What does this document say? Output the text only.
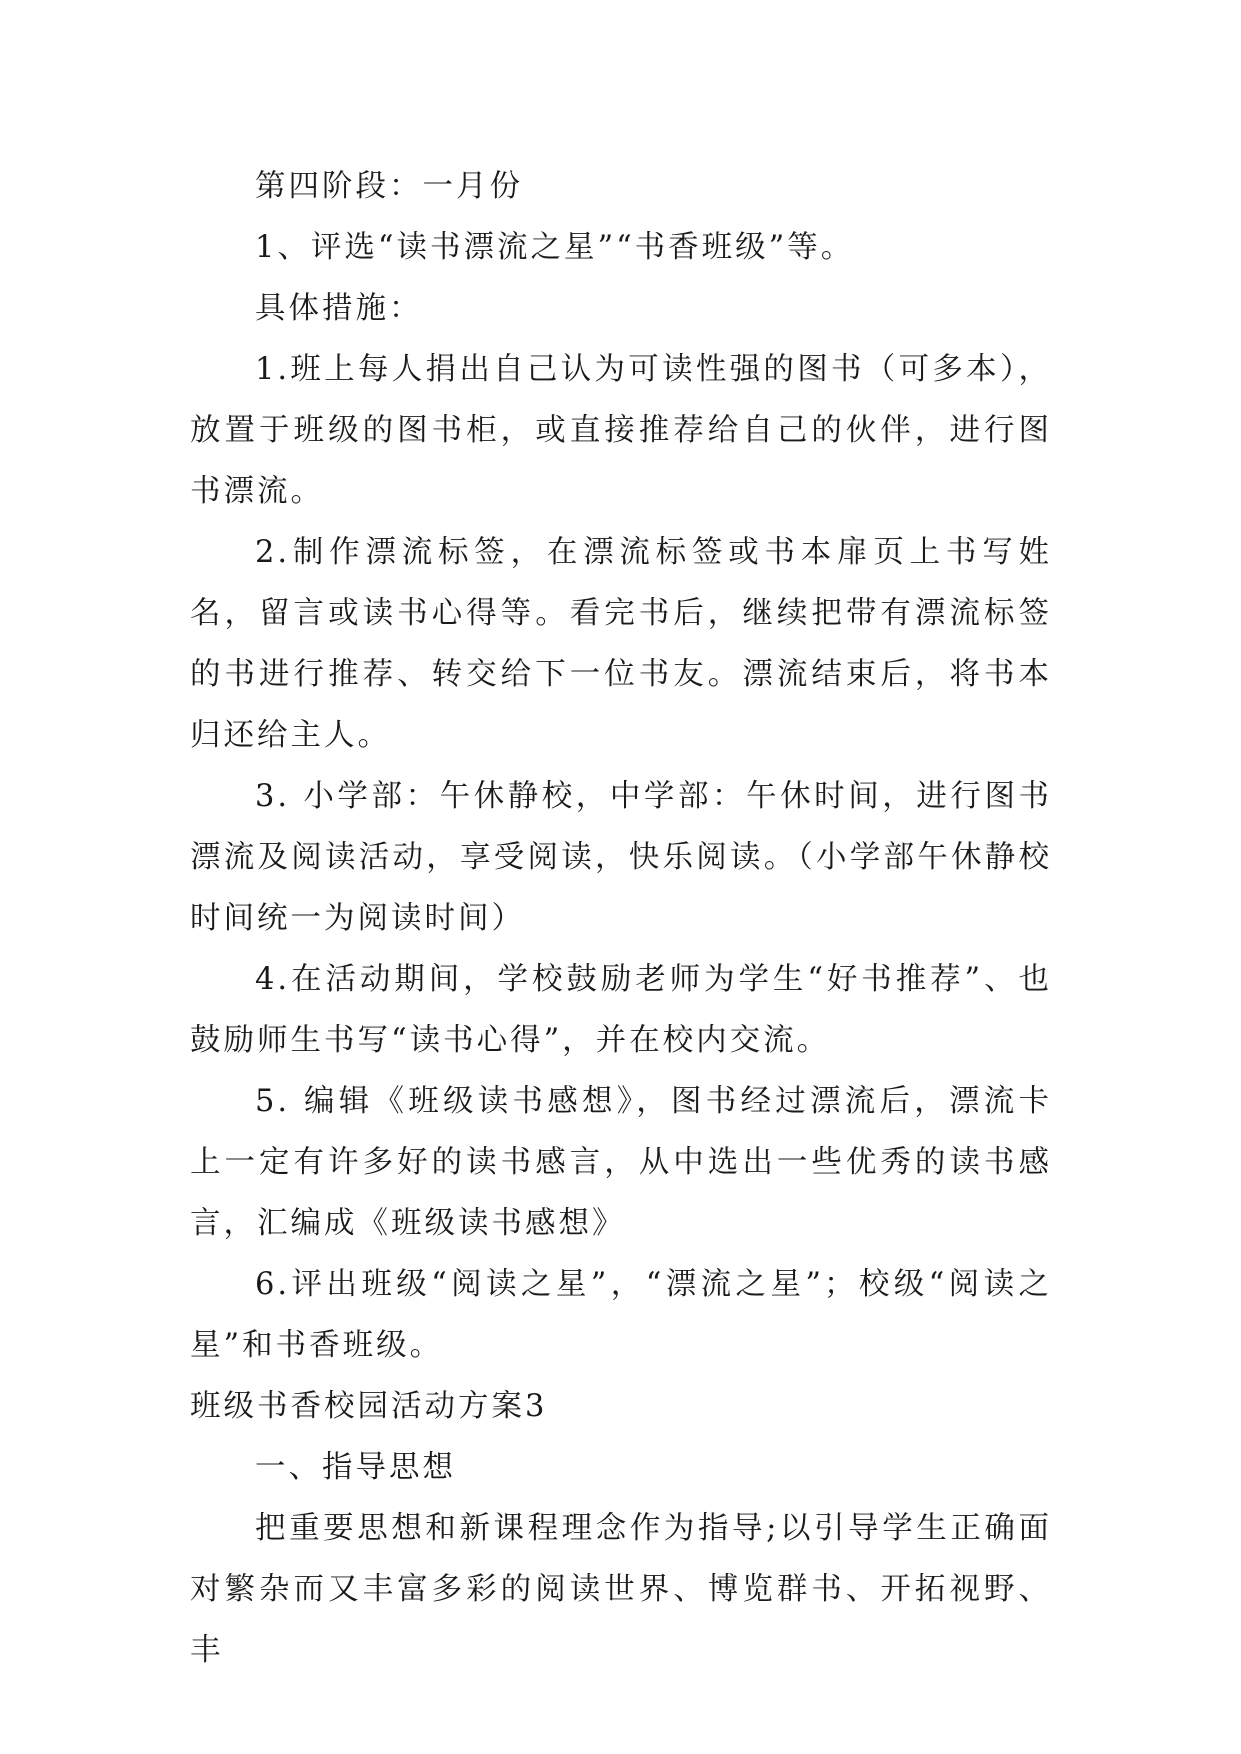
第四阶段：一月份

1、评选“读书漂流之星”“书香班级”等。

具体措施：

1.班上每人捐出自己认为可读性强的图书（可多本），放置于班级的图书柜，或直接推荐给自己的伙伴，进行图书漂流。

2.制作漂流标签，在漂流标签或书本扉页上书写姓名，留言或读书心得等。看完书后，继续把带有漂流标签的书进行推荐、转交给下一位书友。漂流结束后，将书本归还给主人。

3. 小学部：午休静校，中学部：午休时间，进行图书漂流及阅读活动，享受阅读，快乐阅读。（小学部午休静校时间统一为阅读时间）

4.在活动期间，学校鼓励老师为学生“好书推荐”、也鼓励师生书写“读书心得”，并在校内交流。

5. 编辑《班级读书感想》，图书经过漂流后，漂流卡上一定有许多好的读书感言，从中选出一些优秀的读书感言，汇编成《班级读书感想》

6.评出班级“阅读之星”，“漂流之星”；校级“阅读之星”和书香班级。

班级书香校园活动方案3

一、指导思想

把重要思想和新课程理念作为指导;以引导学生正确面对繁杂而又丰富多彩的阅读世界、博览群书、开拓视野、丰
